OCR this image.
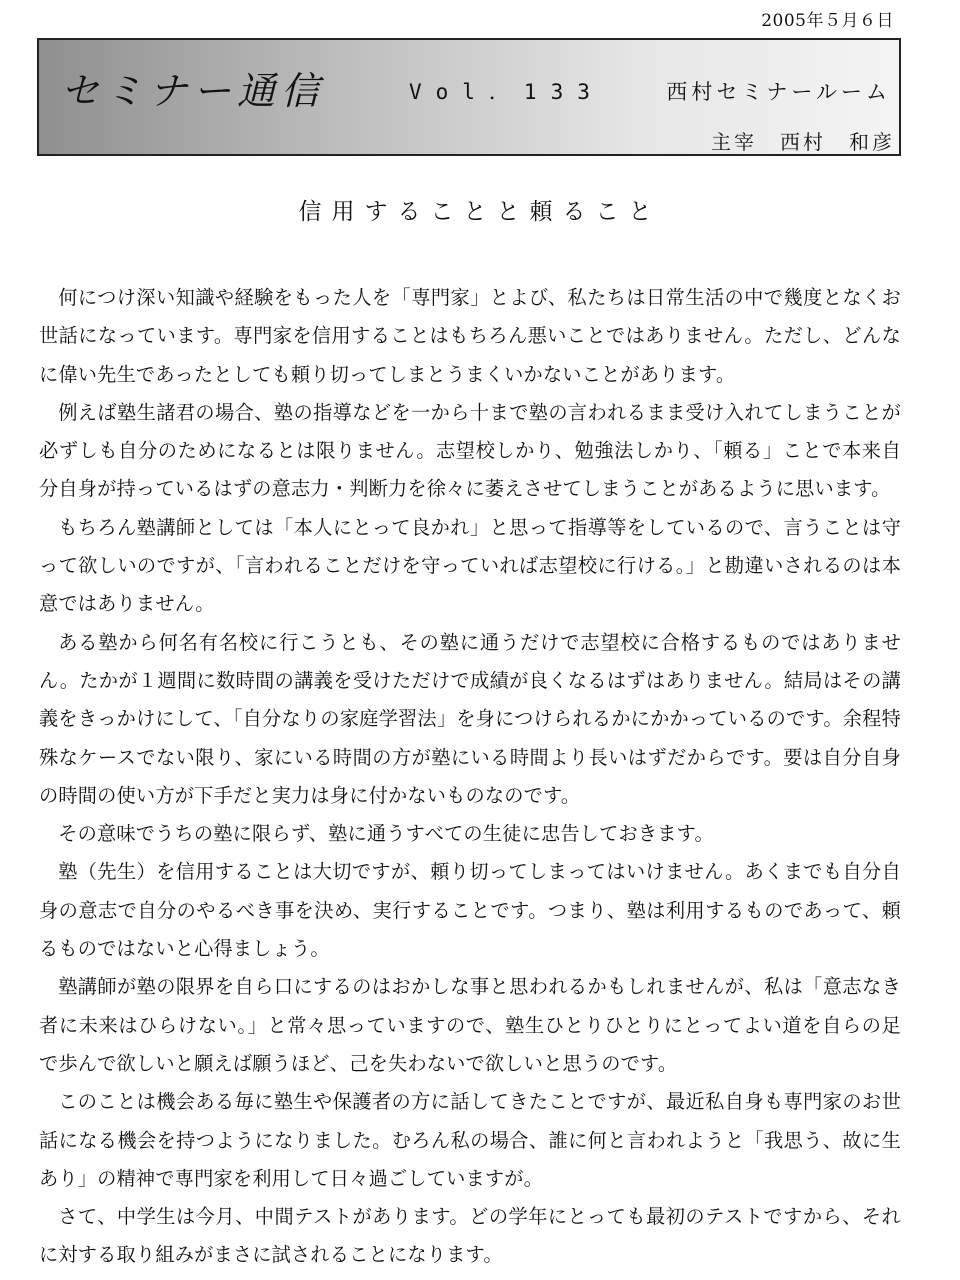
2005年５月６日
セミナー通信	Vol．133	西村セミナールーム
主宰　西村　和彦
信用することと頼ること

何につけ深い知識や経験をもった人を「専門家」とよび、私たちは日常生活の中で幾度となくお世話になっています。専門家を信用することはもちろん悪いことではありません。ただし、どんなに偉い先生であったとしても頼り切ってしまとうまくいかないことがあります。

例えば塾生諸君の場合、塾の指導などを一から十まで塾の言われるまま受け入れてしまうことが必ずしも自分のためになるとは限りません。志望校しかり、勉強法しかり、「頼る」ことで本来自分自身が持っているはずの意志力・判断力を徐々に萎えさせてしまうことがあるように思います。

もちろん塾講師としては「本人にとって良かれ」と思って指導等をしているので、言うことは守って欲しいのですが、「言われることだけを守っていれば志望校に行ける。」と勘違いされるのは本意ではありません。

ある塾から何名有名校に行こうとも、その塾に通うだけで志望校に合格するものではありません。たかが１週間に数時間の講義を受けただけで成績が良くなるはずはありません。結局はその講義をきっかけにして、「自分なりの家庭学習法」を身につけられるかにかかっているのです。余程特殊なケースでない限り、家にいる時間の方が塾にいる時間より長いはずだからです。要は自分自身の時間の使い方が下手だと実力は身に付かないものなのです。

その意味でうちの塾に限らず、塾に通うすべての生徒に忠告しておきます。

塾（先生）を信用することは大切ですが、頼り切ってしまってはいけません。あくまでも自分自身の意志で自分のやるべき事を決め、実行することです。つまり、塾は利用するものであって、頼るものではないと心得ましょう。

塾講師が塾の限界を自ら口にするのはおかしな事と思われるかもしれませんが、私は「意志なき者に未来はひらけない。」と常々思っていますので、塾生ひとりひとりにとってよい道を自らの足で歩んで欲しいと願えば願うほど、己を失わないで欲しいと思うのです。

このことは機会ある毎に塾生や保護者の方に話してきたことですが、最近私自身も専門家のお世話になる機会を持つようになりました。むろん私の場合、誰に何と言われようと「我思う、故に生あり」の精神で専門家を利用して日々過ごしていますが。

さて、中学生は今月、中間テストがあります。どの学年にとっても最初のテストですから、それに対する取り組みがまさに試されることになります。
